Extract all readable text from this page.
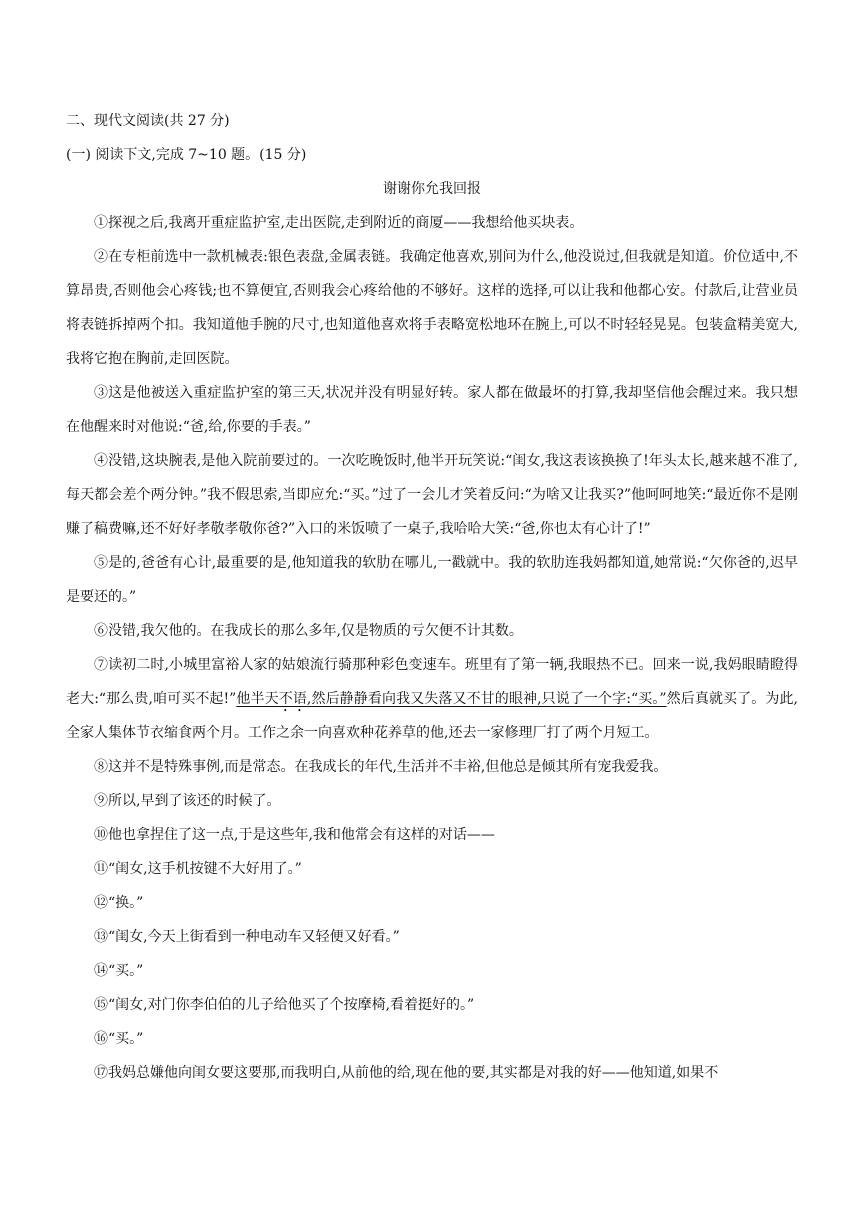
二、现代文阅读(共 27 分)
(一) 阅读下文,完成 7~10 题。(15 分)
谢谢你允我回报

①探视之后,我离开重症监护室,走出医院,走到附近的商厦——我想给他买块表。

②在专柜前选中一款机械表:银色表盘,金属表链。我确定他喜欢,别问为什么,他没说过,但我就是知道。价位适中,不算昂贵,否则他会心疼钱;也不算便宜,否则我会心疼给他的不够好。这样的选择,可以让我和他都心安。付款后,让营业员将表链拆掉两个扣。我知道他手腕的尺寸,也知道他喜欢将手表略宽松地环在腕上,可以不时轻轻晃晃。包装盒精美宽大,我将它抱在胸前,走回医院。

③这是他被送入重症监护室的第三天,状况并没有明显好转。家人都在做最坏的打算,我却坚信他会醒过来。我只想在他醒来时对他说:“爸,给,你要的手表。”

④没错,这块腕表,是他入院前要过的。一次吃晚饭时,他半开玩笑说:“闺女,我这表该换换了!年头太长,越来越不准了,每天都会差个两分钟。”我不假思索,当即应允:“买。”过了一会儿才笑着反问:“为啥又让我买?”他呵呵地笑:“最近你不是刚赚了稿费嘛,还不好好孝敬孝敬你爸?”入口的米饭喷了一桌子,我哈哈大笑:“爸,你也太有心计了!”

⑤是的,爸爸有心计,最重要的是,他知道我的软肋在哪儿,一戳就中。我的软肋连我妈都知道,她常说:“欠你爸的,迟早是要还的。”

⑥没错,我欠他的。在我成长的那么多年,仅是物质的亏欠便不计其数。

⑦读初二时,小城里富裕人家的姑娘流行骑那种彩色变速车。班里有了第一辆,我眼热不已。回来一说,我妈眼睛瞪得老大:“那么贵,咱可买不起!”他半天不语,然后静静看向我又失落又不甘的眼神,只说了一个字:“买。”然后真就买了。为此,全家人集体节衣缩食两个月。工作之余一向喜欢种花养草的他,还去一家修理厂打了两个月短工。

⑧这并不是特殊事例,而是常态。在我成长的年代,生活并不丰裕,但他总是倾其所有宠我爱我。

⑨所以,早到了该还的时候了。

⑩他也拿捏住了这一点,于是这些年,我和他常会有这样的对话——

⑪“闺女,这手机按键不大好用了。”

⑫“换。”

⑬“闺女,今天上街看到一种电动车又轻便又好看。”

⑭“买。”

⑮“闺女,对门你李伯伯的儿子给他买了个按摩椅,看着挺好的。”

⑯“买。”

⑰我妈总嫌他向闺女要这要那,而我明白,从前他的给,现在他的要,其实都是对我的好——他知道,如果不
